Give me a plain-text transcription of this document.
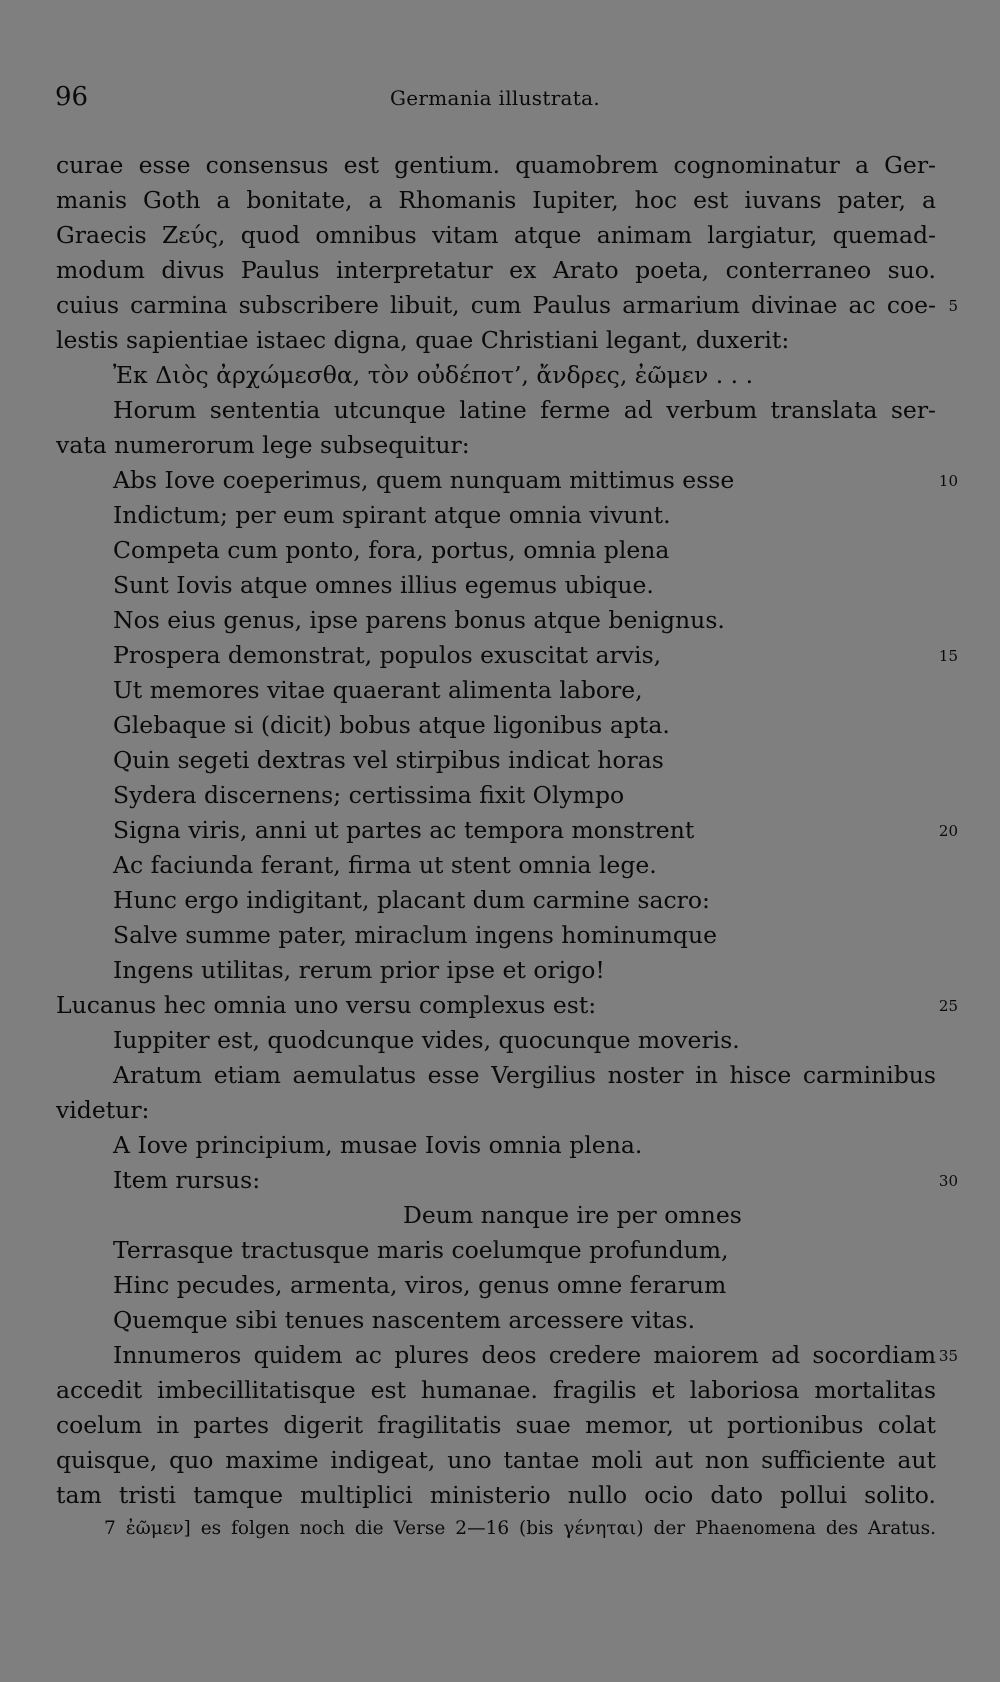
96	Germania illustrata.
curae esse consensus est gentium. quamobrem cognominatur a Ger-
manis Goth a bonitate, a Rhomanis Iupiter, hoc est iuvans pater, a
Graecis Ζεύς, quod omnibus vitam atque animam largiatur, quemad-
modum divus Paulus interpretatur ex Arato poeta, conterraneo suo.
cuius carmina subscribere libuit, cum Paulus armarium divinae ac coe- 5
lestis sapientiae istaec digna, quae Christiani legant, duxerit:
Ἐκ Διὸς ἀρχώμεσθα, τὸν οὐδέποτ’, ἄνδρες, ἐῶμεν . . .
Horum sententia utcunque latine ferme ad verbum translata ser-
vata numerorum lege subsequitur:
Abs Iove coeperimus, quem nunquam mittimus esse	10
Indictum; per eum spirant atque omnia vivunt.
Competa cum ponto, fora, portus, omnia plena
Sunt Iovis atque omnes illius egemus ubique.
Nos eius genus, ipse parens bonus atque benignus.
Prospera demonstrat, populos exuscitat arvis,	15
Ut memores vitae quaerant alimenta labore,
Glebaque si (dicit) bobus atque ligonibus apta.
Quin segeti dextras vel stirpibus indicat horas
Sydera discernens; certissima fixit Olympo
Signa viris, anni ut partes ac tempora monstrent	20
Ac faciunda ferant, firma ut stent omnia lege.
Hunc ergo indigitant, placant dum carmine sacro:
Salve summe pater, miraclum ingens hominumque
Ingens utilitas, rerum prior ipse et origo!
Lucanus hec omnia uno versu complexus est:	25
Iuppiter est, quodcunque vides, quocunque moveris.
Aratum etiam aemulatus esse Vergilius noster in hisce carminibus
videtur:
A Iove principium, musae Iovis omnia plena.
Item rursus:	30
Deum nanque ire per omnes
Terrasque tractusque maris coelumque profundum,
Hinc pecudes, armenta, viros, genus omne ferarum
Quemque sibi tenues nascentem arcessere vitas.
Innumeros quidem ac plures deos credere maiorem ad socordiam 35
accedit imbecillitatisque est humanae. fragilis et laboriosa mortalitas
coelum in partes digerit fragilitatis suae memor, ut portionibus colat
quisque, quo maxime indigeat, uno tantae moli aut non sufficiente aut
tam tristi tamque multiplici ministerio nullo ocio dato pollui solito.
7 ἐῶμεν] es folgen noch die Verse 2—16 (bis γένηται) der Phaenomena des Aratus.
